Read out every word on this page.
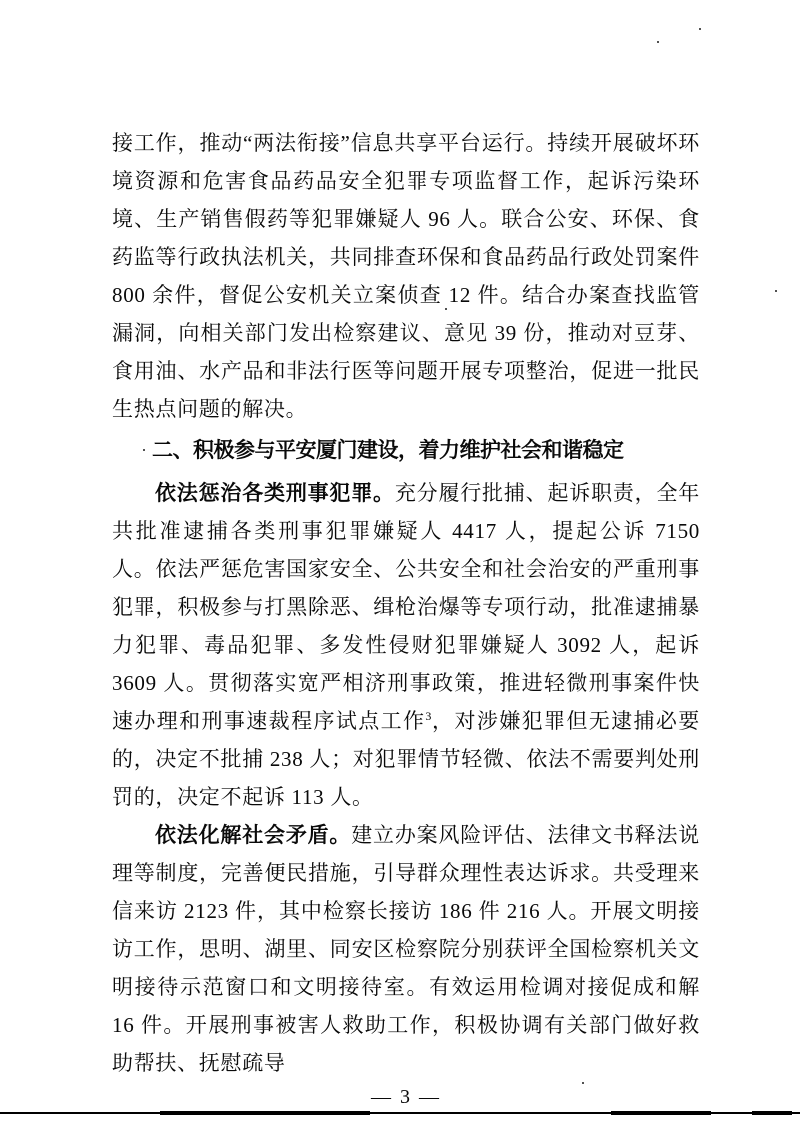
接工作，推动“两法衔接”信息共享平台运行。持续开展破坏环境资源和危害食品药品安全犯罪专项监督工作，起诉污染环境、生产销售假药等犯罪嫌疑人 96 人。联合公安、环保、食药监等行政执法机关，共同排查环保和食品药品行政处罚案件 800 余件，督促公安机关立案侦查 12 件。结合办案查找监管漏洞，向相关部门发出检察建议、意见 39 份，推动对豆芽、食用油、水产品和非法行医等问题开展专项整治，促进一批民生热点问题的解决。

二、积极参与平安厦门建设，着力维护社会和谐稳定

依法惩治各类刑事犯罪。充分履行批捕、起诉职责，全年共批准逮捕各类刑事犯罪嫌疑人 4417 人，提起公诉 7150 人。依法严惩危害国家安全、公共安全和社会治安的严重刑事犯罪，积极参与打黑除恶、缉枪治爆等专项行动，批准逮捕暴力犯罪、毒品犯罪、多发性侵财犯罪嫌疑人 3092 人，起诉 3609 人。贯彻落实宽严相济刑事政策，推进轻微刑事案件快速办理和刑事速裁程序试点工作$^3$，对涉嫌犯罪但无逮捕必要的，决定不批捕 238 人；对犯罪情节轻微、依法不需要判处刑罚的，决定不起诉 113 人。

依法化解社会矛盾。建立办案风险评估、法律文书释法说理等制度，完善便民措施，引导群众理性表达诉求。共受理来信来访 2123 件，其中检察长接访 186 件 216 人。开展文明接访工作，思明、湖里、同安区检察院分别获评全国检察机关文明接待示范窗口和文明接待室。有效运用检调对接促成和解 16 件。开展刑事被害人救助工作，积极协调有关部门做好救助帮扶、抚慰疏导

— 3 —
